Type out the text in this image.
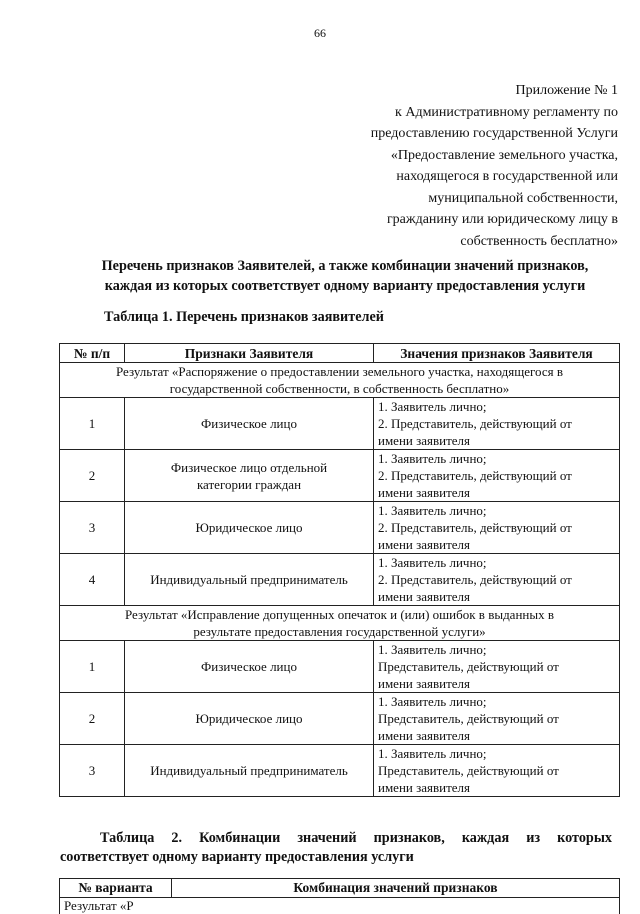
66
Приложение № 1
к Административному регламенту по
предоставлению государственной Услуги
«Предоставление земельного участка,
находящегося в государственной или
муниципальной собственности,
гражданину или юридическому лицу в
собственность бесплатно»
Перечень признаков Заявителей, а также комбинации значений признаков,
каждая из которых соответствует одному варианту предоставления услуги
Таблица 1. Перечень признаков заявителей
№ п/п	Признаки Заявителя	Значения признаков Заявителя

Результат «Распоряжение о предоставлении земельного участка, находящегося в
государственной собственности, в собственность бесплатно»		

1	Физическое лицо	1. Заявитель лично;
2. Представитель, действующий от
имени заявителя

2	Физическое лицо отдельной
категории граждан	1. Заявитель лично;
2. Представитель, действующий от
имени заявителя

3	Юридическое лицо	1. Заявитель лично;
2. Представитель, действующий от
имени заявителя

4	Индивидуальный предприниматель	1. Заявитель лично;
2. Представитель, действующий от
имени заявителя

Результат «Исправление допущенных опечаток и (или) ошибок в выданных в
результате предоставления государственной услуги»		

1	Физическое лицо	1. Заявитель лично;
Представитель, действующий от
имени заявителя

2	Юридическое лицо	1. Заявитель лично;
Представитель, действующий от
имени заявителя

3	Индивидуальный предприниматель	1. Заявитель лично;
Представитель, действующий от
имени заявителя
Таблица 2. Комбинации значений признаков, каждая из которых
соответствует одному варианту предоставления услуги
№ варианта	Комбинация значений признаков
Результат «Р
